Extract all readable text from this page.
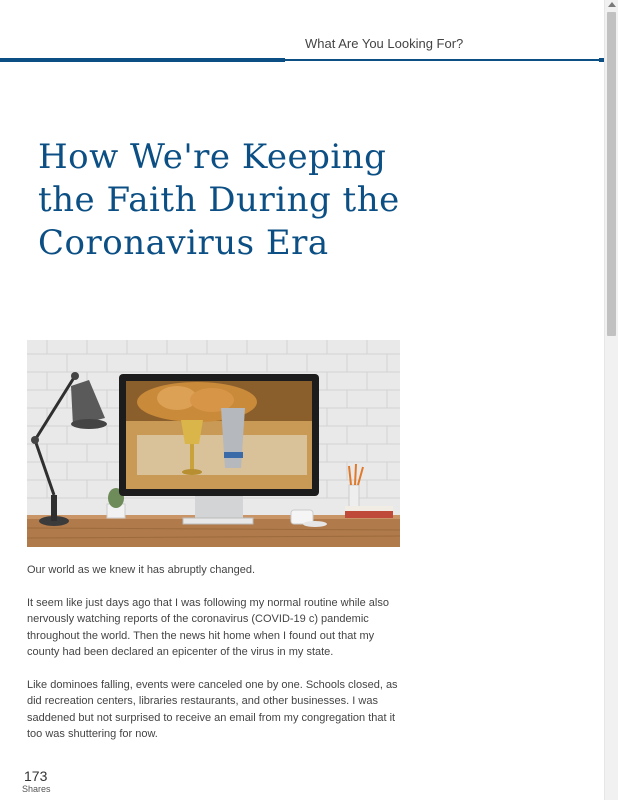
What Are You Looking For?
How We're Keeping the Faith During the Coronavirus Era

Our world as we knew it has abruptly changed.

It seem like just days ago that I was following my normal routine while also nervously watching reports of the coronavirus (COVID-19 c) pandemic throughout the world. Then the news hit home when I found out that my county had been declared an epicenter of the virus in my state.

Like dominoes falling, events were canceled one by one. Schools closed, as did recreation centers, libraries restaurants, and other businesses. I was saddened but not surprised to receive an email from my congregation that it too was shuttering for now.

173
Shares
